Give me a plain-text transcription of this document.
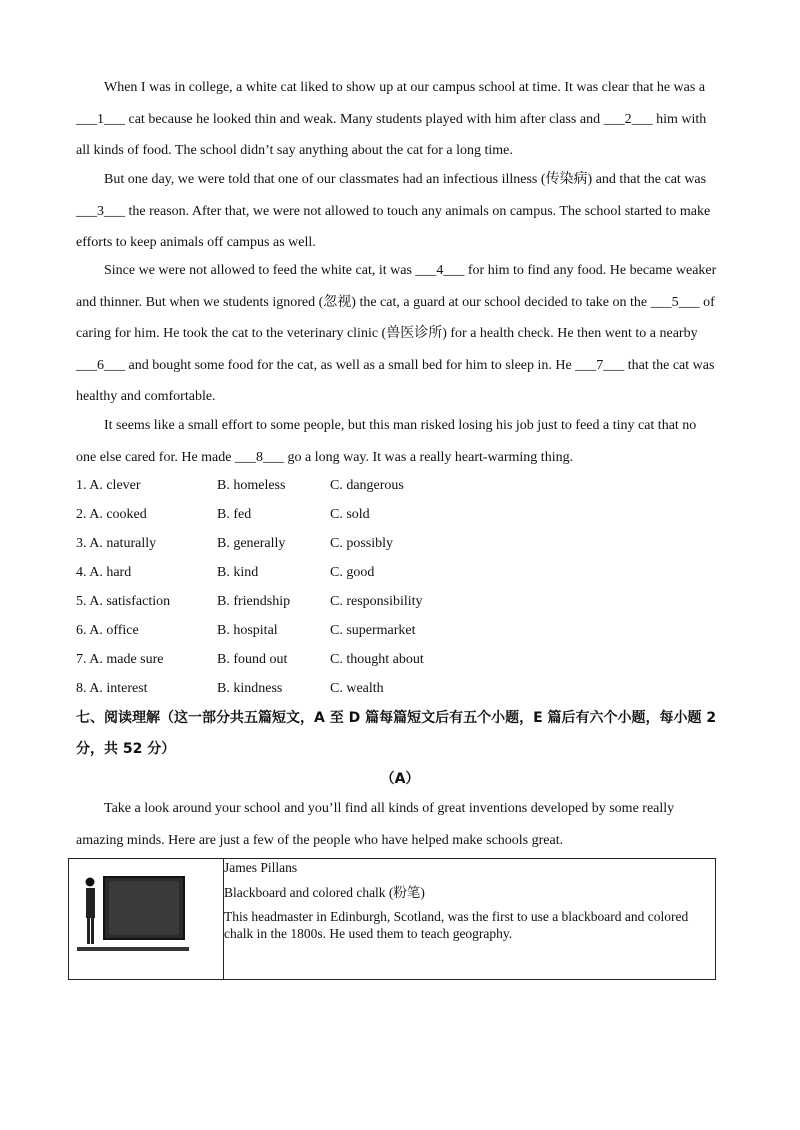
When I was in college, a white cat liked to show up at our campus school at time. It was clear that he was a
___1___ cat because he looked thin and weak. Many students played with him after class and ___2___ him with
all kinds of food. The school didn’t say anything about the cat for a long time.

But one day, we were told that one of our classmates had an infectious illness (传染病) and that the cat was
___3___ the reason. After that, we were not allowed to touch any animals on campus. The school started to make
efforts to keep animals off campus as well.

Since we were not allowed to feed the white cat, it was ___4___ for him to find any food. He became weaker
and thinner. But when we students ignored (忽视) the cat, a guard at our school decided to take on the ___5___ of
caring for him. He took the cat to the veterinary clinic (兽医诊所) for a health check. He then went to a nearby
___6___ and bought some food for the cat, as well as a small bed for him to sleep in. He ___7___ that the cat was
healthy and comfortable.

It seems like a small effort to some people, but this man risked losing his job just to feed a tiny cat that no
one else cared for. He made ___8___ go a long way. It was a really heart-warming thing.

1. A. clever	B. homeless	C. dangerous
2. A. cooked	B. fed	C. sold
3. A. naturally	B. generally	C. possibly
4. A. hard	B. kind	C. good
5. A. satisfaction	B. friendship	C. responsibility
6. A. office	B. hospital	C. supermarket
7. A. made sure	B. found out	C. thought about
8. A. interest	B. kindness	C. wealth
七、阅读理解（这一部分共五篇短文，A 至 D 篇每篇短文后有五个小题，E 篇后有六个小题，每小题 2
分，共 52 分）
（A）

Take a look around your school and you’ll find all kinds of great inventions developed by some really
amazing minds. Here are just a few of the people who have helped make schools great.

James Pillans

Blackboard and colored chalk (粉笔)

This headmaster in Edinburgh, Scotland, was the first to use a blackboard and colored chalk in the 1800s. He used them to teach geography.
